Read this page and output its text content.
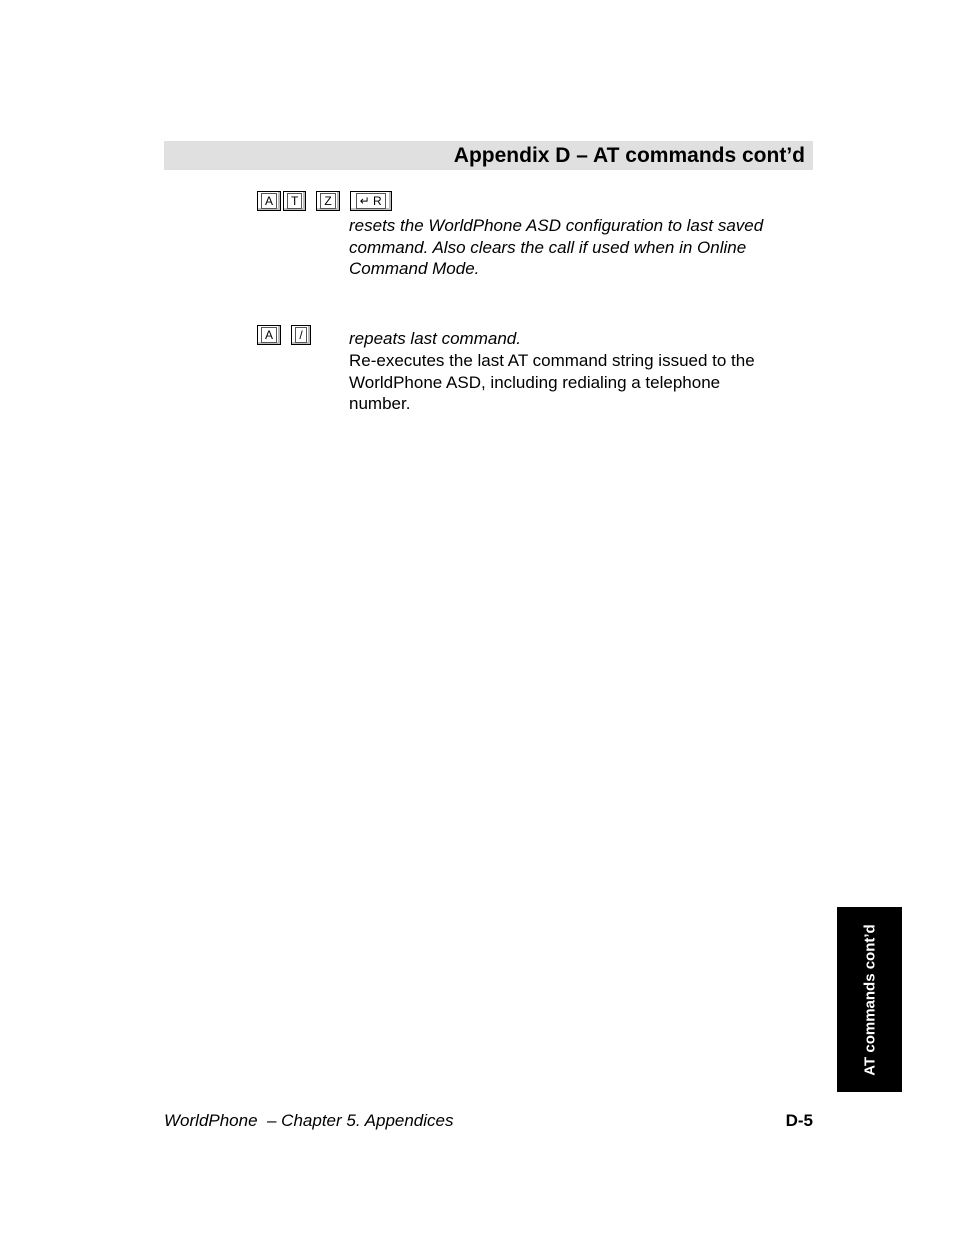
Appendix D – AT commands cont’d
A	T	Z	↵ R
resets the WorldPhone ASD configuration to last saved command. Also clears the call if used when in Online Command Mode.
A	/	repeats last command.
Re-executes the last AT command string issued to the WorldPhone ASD, including redialing a telephone number.
AT commands cont’d
WorldPhone  – Chapter 5. Appendices	D-5
